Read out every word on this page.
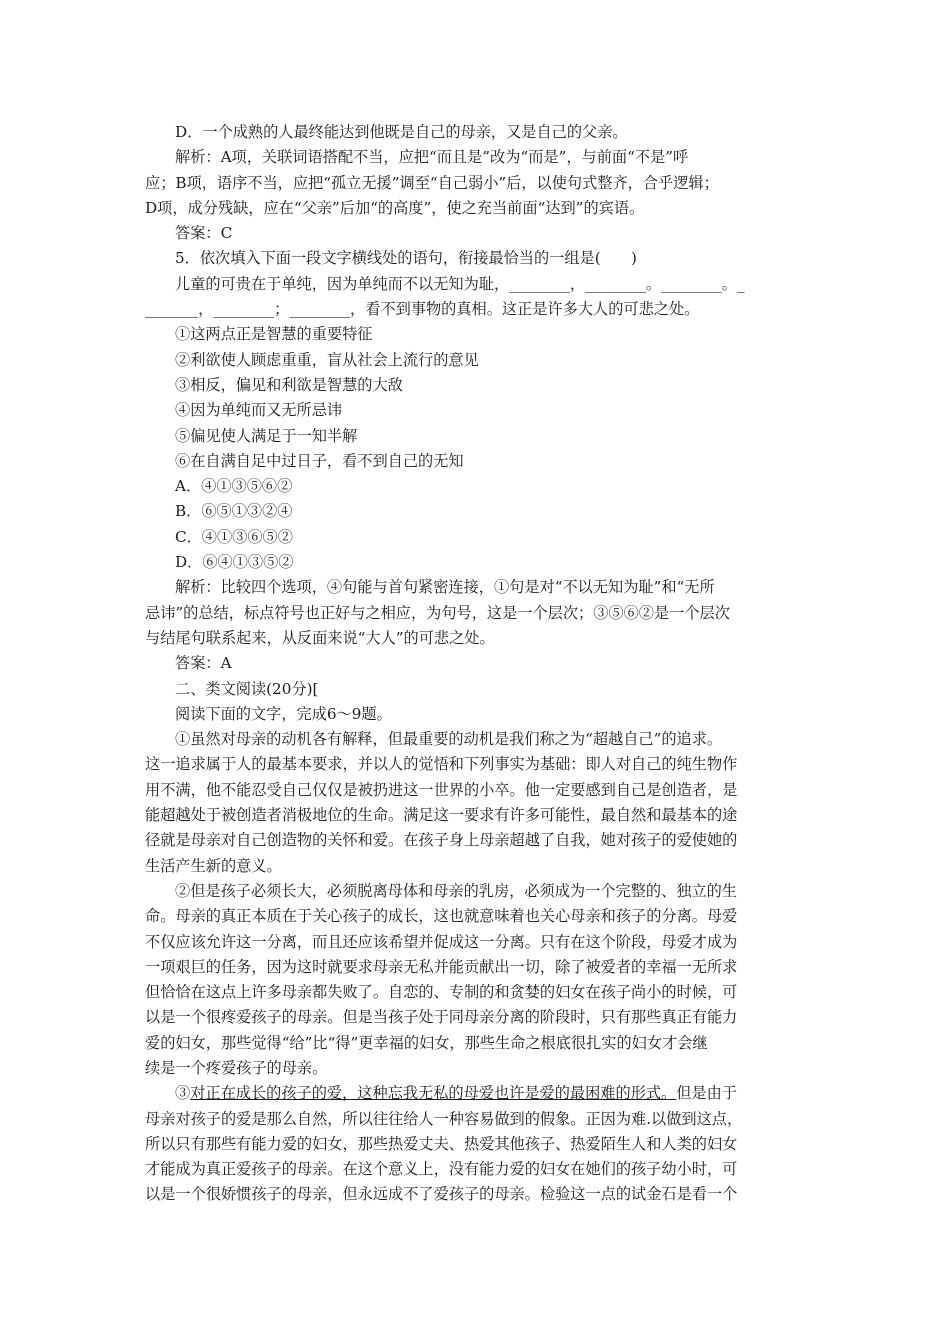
D．一个成熟的人最终能达到他既是自己的母亲，又是自己的父亲。

解析：A项，关联词语搭配不当，应把“而且是”改为“而是”，与前面“不是”呼

应；B项，语序不当，应把“孤立无援”调至“自己弱小”后，以使句式整齐，合乎逻辑；

D项，成分残缺，应在“父亲”后加“的高度”，使之充当前面“达到”的宾语。

答案：C

5．依次填入下面一段文字横线处的语句，衔接最恰当的一组是(　　)

儿童的可贵在于单纯，因为单纯而不以无知为耻，________，________。________。_

_______，________；________，看不到事物的真相。这正是许多大人的可悲之处。

①这两点正是智慧的重要特征

②利欲使人顾虑重重，盲从社会上流行的意见

③相反，偏见和利欲是智慧的大敌

④因为单纯而又无所忌讳

⑤偏见使人满足于一知半解

⑥在自满自足中过日子，看不到自己的无知

A．④①③⑤⑥②

B．⑥⑤①③②④

C．④①③⑥⑤②

D．⑥④①③⑤②

解析：比较四个选项，④句能与首句紧密连接，①句是对“不以无知为耻”和“无所

忌讳”的总结，标点符号也正好与之相应，为句号，这是一个层次；③⑤⑥②是一个层次

与结尾句联系起来，从反面来说“大人”的可悲之处。

答案：A

二、类文阅读(20分)[

阅读下面的文字，完成6～9题。

①虽然对母亲的动机各有解释，但最重要的动机是我们称之为“超越自己”的追求。

这一追求属于人的最基本要求，并以人的觉悟和下列事实为基础：即人对自己的纯生物作

用不满，他不能忍受自己仅仅是被扔进这一世界的小卒。他一定要感到自己是创造者，是

能超越处于被创造者消极地位的生命。满足这一要求有许多可能性，最自然和最基本的途

径就是母亲对自己创造物的关怀和爱。在孩子身上母亲超越了自我，她对孩子的爱使她的

生活产生新的意义。

②但是孩子必须长大，必须脱离母体和母亲的乳房，必须成为一个完整的、独立的生

命。母亲的真正本质在于关心孩子的成长，这也就意味着也关心母亲和孩子的分离。母爱

不仅应该允许这一分离，而且还应该希望并促成这一分离。只有在这个阶段，母爱才成为

一项艰巨的任务，因为这时就要求母亲无私并能贡献出一切，除了被爱者的幸福一无所求

但恰恰在这点上许多母亲都失败了。自恋的、专制的和贪婪的妇女在孩子尚小的时候，可

以是一个很疼爱孩子的母亲。但是当孩子处于同母亲分离的阶段时，只有那些真正有能力

爱的妇女，那些觉得“给”比“得”更幸福的妇女，那些生命之根底很扎实的妇女才会继

续是一个疼爱孩子的母亲。

③对正在成长的孩子的爱，这种忘我无私的母爱也许是爱的最困难的形式。但是由于

母亲对孩子的爱是那么自然，所以往往给人一种容易做到的假象。正因为难.以做到这点，

所以只有那些有能力爱的妇女，那些热爱丈夫、热爱其他孩子、热爱陌生人和人类的妇女

才能成为真正爱孩子的母亲。在这个意义上，没有能力爱的妇女在她们的孩子幼小时，可

以是一个很娇惯孩子的母亲，但永远成不了爱孩子的母亲。检验这一点的试金石是看一个
